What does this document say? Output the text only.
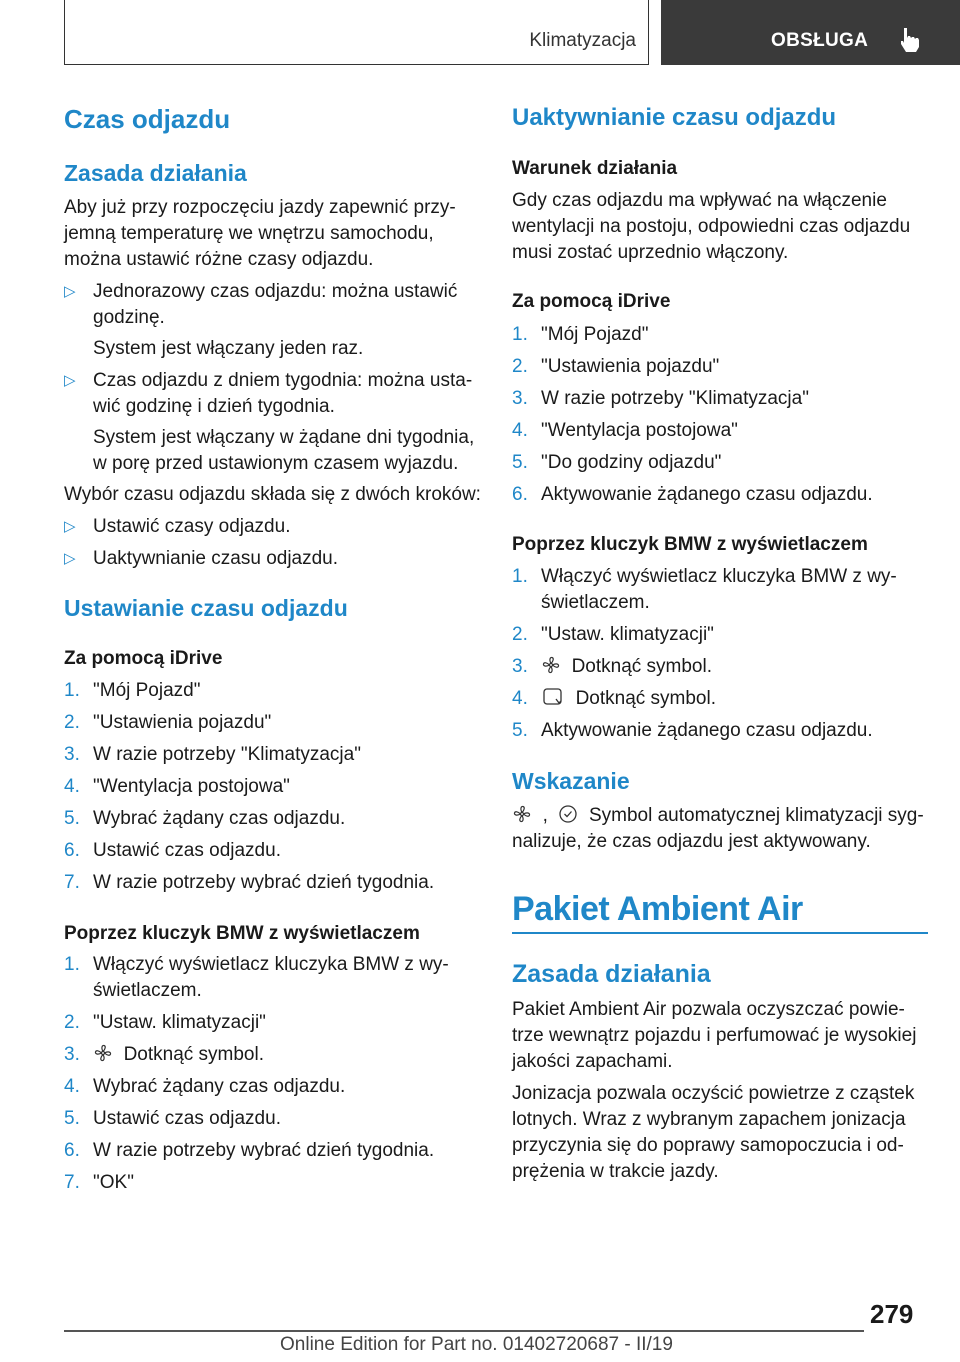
Klimatyzacja	OBSŁUGA
Czas odjazdu
Zasada działania
Aby już przy rozpoczęciu jazdy zapewnić przy-
jemną temperaturę we wnętrzu samochodu,
można ustawić różne czasy odjazdu.
▷ Jednorazowy czas odjazdu: można ustawić
godzinę.
System jest włączany jeden raz.
▷ Czas odjazdu z dniem tygodnia: można usta-
wić godzinę i dzień tygodnia.
System jest włączany w żądane dni tygodnia,
w porę przed ustawionym czasem wyjazdu.
Wybór czasu odjazdu składa się z dwóch kroków:
▷ Ustawić czasy odjazdu.
▷ Uaktywnianie czasu odjazdu.
Ustawianie czasu odjazdu
Za pomocą iDrive
1. "Mój Pojazd"
2. "Ustawienia pojazdu"
3. W razie potrzeby "Klimatyzacja"
4. "Wentylacja postojowa"
5. Wybrać żądany czas odjazdu.
6. Ustawić czas odjazdu.
7. W razie potrzeby wybrać dzień tygodnia.
Poprzez kluczyk BMW z wyświetlaczem
1. Włączyć wyświetlacz kluczyka BMW z wy-
świetlaczem.
2. "Ustaw. klimatyzacji"
3.	Dotknąć symbol.
4. Wybrać żądany czas odjazdu.
5. Ustawić czas odjazdu.
6. W razie potrzeby wybrać dzień tygodnia.
7. "OK"
Uaktywnianie czasu odjazdu
Warunek działania
Gdy czas odjazdu ma wpływać na włączenie
wentylacji na postoju, odpowiedni czas odjazdu
musi zostać uprzednio włączony.
Za pomocą iDrive
1. "Mój Pojazd"
2. "Ustawienia pojazdu"
3. W razie potrzeby "Klimatyzacja"
4. "Wentylacja postojowa"
5. "Do godziny odjazdu"
6. Aktywowanie żądanego czasu odjazdu.
Poprzez kluczyk BMW z wyświetlaczem
1. Włączyć wyświetlacz kluczyka BMW z wy-
świetlaczem.
2. "Ustaw. klimatyzacji"
3.	Dotknąć symbol.
4.	Dotknąć symbol.
5. Aktywowanie żądanego czasu odjazdu.
Wskazanie
, Symbol automatycznej klimatyzacji syg-
nalizuje, że czas odjazdu jest aktywowany.
Pakiet Ambient Air
Zasada działania
Pakiet Ambient Air pozwala oczyszczać powie-
trze wewnątrz pojazdu i perfumować je wysokiej
jakości zapachami.
Jonizacja pozwala oczyścić powietrze z cząstek
lotnych. Wraz z wybranym zapachem jonizacja
przyczynia się do poprawy samopoczucia i od-
prężenia w trakcie jazdy.
279
Online Edition for Part no. 01402720687 - II/19
